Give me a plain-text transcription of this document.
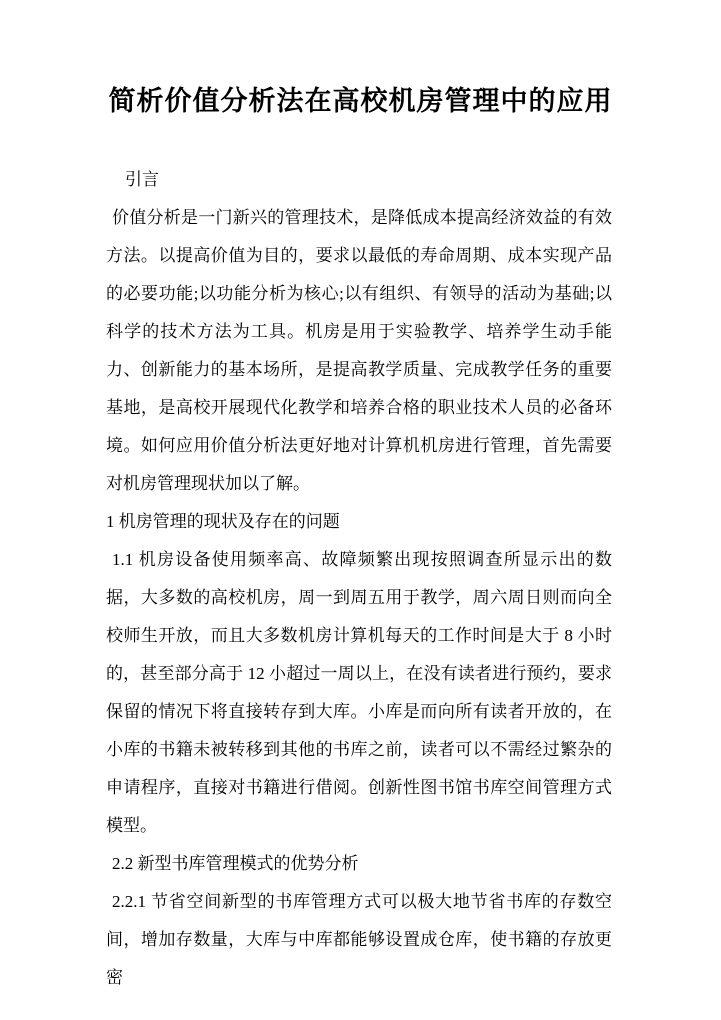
简析价值分析法在高校机房管理中的应用

引言

价值分析是一门新兴的管理技术，是降低成本提高经济效益的有效方法。以提高价值为目的，要求以最低的寿命周期、成本实现产品的必要功能;以功能分析为核心;以有组织、有领导的活动为基础;以科学的技术方法为工具。机房是用于实验教学、培养学生动手能力、创新能力的基本场所，是提高教学质量、完成教学任务的重要基地，是高校开展现代化教学和培养合格的职业技术人员的必备环境。如何应用价值分析法更好地对计算机机房进行管理，首先需要对机房管理现状加以了解。

1 机房管理的现状及存在的问题

1.1 机房设备使用频率高、故障频繁出现按照调查所显示出的数据，大多数的高校机房，周一到周五用于教学，周六周日则而向全校师生开放，而且大多数机房计算机每天的工作时间是大于 8 小时的，甚至部分高于 12 小超过一周以上，在没有读者进行预约，要求保留的情况下将直接转存到大库。小库是而向所有读者开放的，在小库的书籍未被转移到其他的书库之前，读者可以不需经过繁杂的申请程序，直接对书籍进行借阅。创新性图书馆书库空间管理方式模型。

2.2 新型书库管理模式的优势分析

2.2.1 节省空间新型的书库管理方式可以极大地节省书库的存数空间，增加存数量，大库与中库都能够设置成仓库，使书籍的存放更密
